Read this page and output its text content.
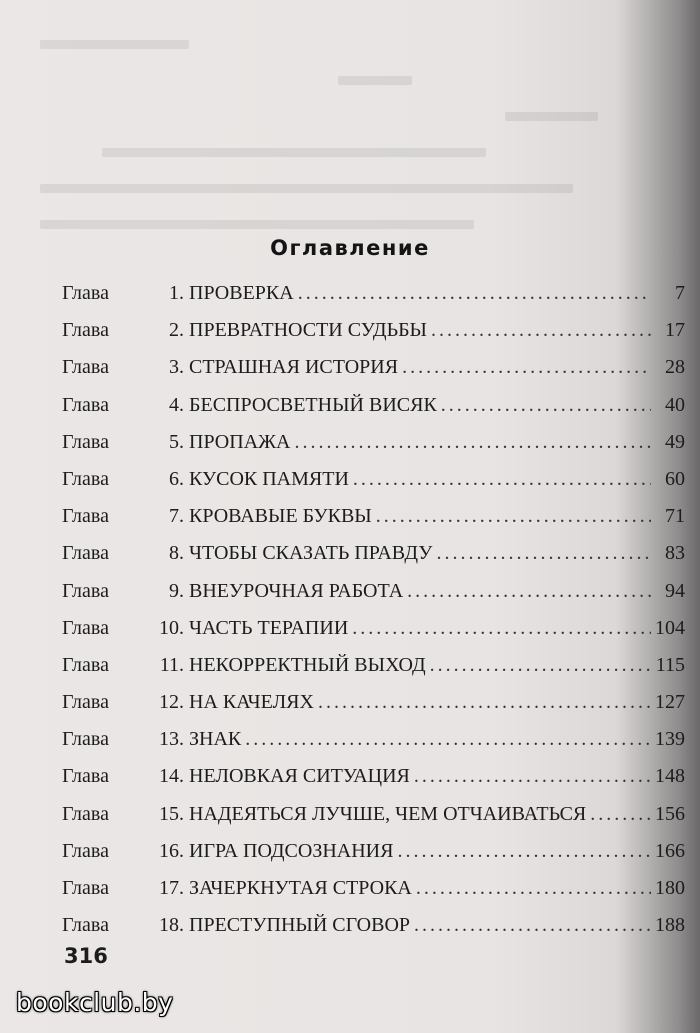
Оглавление
Глава	1. ПРОВЕРКА . . .	7
Глава	2. ПРЕВРАТНОСТИ СУДЬБЫ . . .	17
Глава	3. СТРАШНАЯ ИСТОРИЯ . . .	28
Глава	4. БЕСПРОСВЕТНЫЙ ВИСЯК . . .	40
Глава	5. ПРОПАЖА . . .	49
Глава	6. КУСОК ПАМЯТИ . . .	60
Глава	7. КРОВАВЫЕ БУКВЫ . . .	71
Глава	8. ЧТОБЫ СКАЗАТЬ ПРАВДУ . . .	83
Глава	9. ВНЕУРОЧНАЯ РАБОТА . . .	94
Глава	10. ЧАСТЬ ТЕРАПИИ . . .	104
Глава	11. НЕКОРРЕКТНЫЙ ВЫХОД . . .	115
Глава	12. НА КАЧЕЛЯХ . . .	127
Глава	13. ЗНАК . . .	139
Глава	14. НЕЛОВКАЯ СИТУАЦИЯ . . .	148
Глава	15. НАДЕЯТЬСЯ ЛУЧШЕ, ЧЕМ ОТЧАИВАТЬСЯ . . .	156
Глава	16. ИГРА ПОДСОЗНАНИЯ . . .	166
Глава	17. ЗАЧЕРКНУТАЯ СТРОКА . . .	180
Глава	18. ПРЕСТУПНЫЙ СГОВОР . . .	188
316
bookclub.by
